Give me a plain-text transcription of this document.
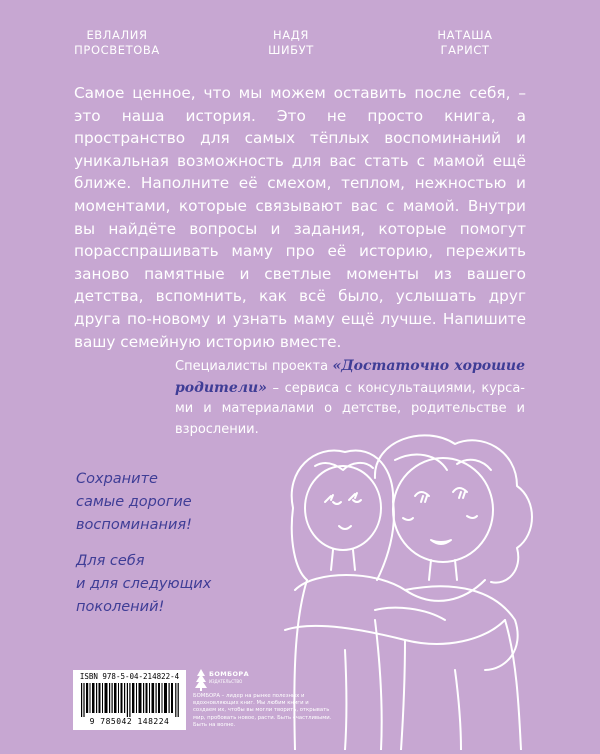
ЕВЛАЛИЯ
ПРОСВЕТОВА
НАДЯ
ШИБУТ
НАТАША
ГАРИСТ

Самое ценное, что мы можем оставить после себя, – это наша история. Это не просто книга, а пространство для самых тёплых воспоминаний и уникальная возможность для вас стать с мамой ещё ближе. Наполните её смехом, теплом, нежностью и моментами, которые связывают вас с мамой. Внутри вы найдёте вопросы и задания, которые помогут порасспрашивать маму про её историю, пережить заново памятные и светлые моменты из вашего детства, вспомнить, как всё было, услышать друг друга по-новому и узнать маму ещё лучше. Напишите вашу семейную историю вместе.

Специалисты проекта «Достаточно хорошие родители» – сервиса с консультациями, курсами и материалами о детстве, родительстве и взрослении.

Сохраните
самые дорогие
воспоминания!
Для себя
и для следующих
поколений!
ISBN 978-5-04-214822-4
9 785042 148224
БОМБОРА
ИЗДАТЕЛЬСТВО
БОМБОРА – лидер на рынке полезных и вдохновляющих книг. Мы любим книги и создаем их, чтобы вы могли творить, открывать мир, пробовать новое, расти. Быть счастливыми. Быть на волне.
